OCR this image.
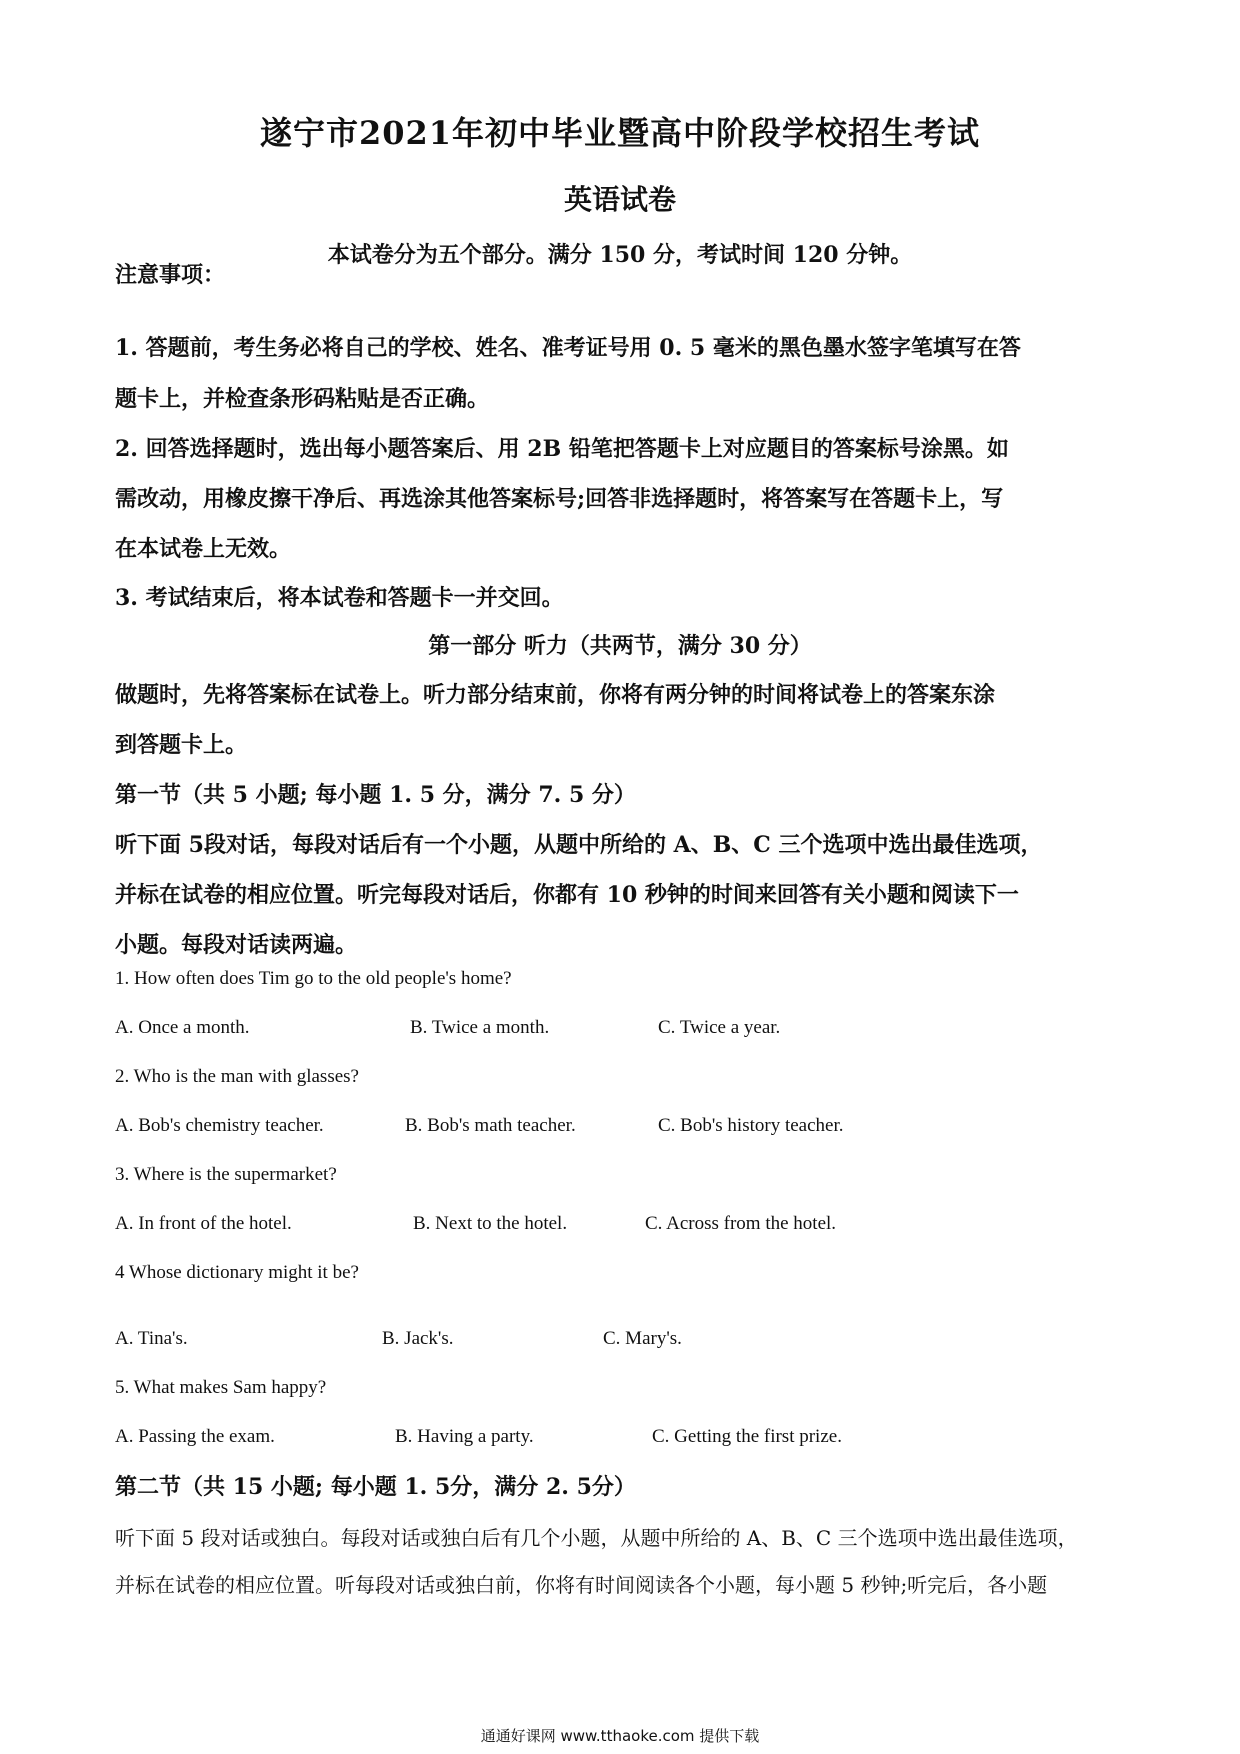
遂宁市2021年初中毕业暨高中阶段学校招生考试
英语试卷
本试卷分为五个部分。满分 150 分，考试时间 120 分钟。
注意事项：
1. 答题前，考生务必将自己的学校、姓名、准考证号用 0. 5 毫米的黑色墨水签字笔填写在答
题卡上，并检查条形码粘贴是否正确。
2. 回答选择题时，选出每小题答案后、用 2B 铅笔把答题卡上对应题目的答案标号涂黑。如
需改动，用橡皮擦干净后、再选涂其他答案标号;回答非选择题时，将答案写在答题卡上，写
在本试卷上无效。
3. 考试结束后，将本试卷和答题卡一并交回。
第一部分 听力（共两节，满分 30 分）
做题时，先将答案标在试卷上。听力部分结束前，你将有两分钟的时间将试卷上的答案东涂
到答题卡上。
第一节（共 5 小题; 每小题 1. 5 分，满分 7. 5 分）
听下面 5段对话，每段对话后有一个小题，从题中所给的 A、B、C 三个选项中选出最佳选项，
并标在试卷的相应位置。听完每段对话后，你都有 10 秒钟的时间来回答有关小题和阅读下一
小题。每段对话读两遍。
1. How often does Tim go to the old people's home?
A. Once a month.	B. Twice a month.	C. Twice a year.
2. Who is the man with glasses?
A. Bob's chemistry teacher.	B. Bob's math teacher.	C. Bob's history teacher.
3. Where is the supermarket?
A. In front of the hotel.	B. Next to the hotel.	C. Across from the hotel.
4 Whose dictionary might it be?
A. Tina's.	B. Jack's.	C. Mary's.
5. What makes Sam happy?
A. Passing the exam.	B. Having a party.	C. Getting the first prize.
第二节（共 15 小题; 每小题 1. 5分，满分 2. 5分）
听下面 5 段对话或独白。每段对话或独白后有几个小题，从题中所给的 A、B、C 三个选项中选出最佳选项，
并标在试卷的相应位置。听每段对话或独白前，你将有时间阅读各个小题，每小题 5 秒钟;听完后，各小题
通通好课网 www.tthaoke.com 提供下载
